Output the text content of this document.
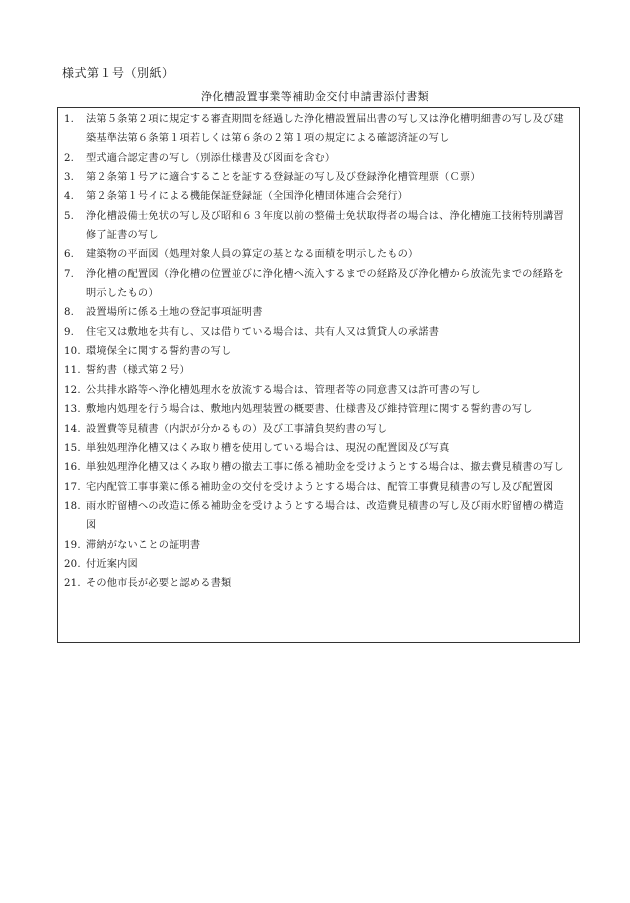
様式第１号（別紙）
浄化槽設置事業等補助金交付申請書添付書類
1.	法第５条第２項に規定する審査期間を経過した浄化槽設置届出書の写し又は浄化槽明細書の写し及び建築基準法第６条第１項若しくは第６条の２第１項の規定による確認済証の写し
2.	型式適合認定書の写し（別添仕様書及び図面を含む）
3.	第２条第１号アに適合することを証する登録証の写し及び登録浄化槽管理票（Ｃ票）
4.	第２条第１号イによる機能保証登録証（全国浄化槽団体連合会発行）
5.	浄化槽設備士免状の写し及び昭和６３年度以前の整備士免状取得者の場合は、浄化槽施工技術特別講習修了証書の写し
6.	建築物の平面図（処理対象人員の算定の基となる面積を明示したもの）
7.	浄化槽の配置図（浄化槽の位置並びに浄化槽へ流入するまでの経路及び浄化槽から放流先までの経路を明示したもの）
8.	設置場所に係る土地の登記事項証明書
9.	住宅又は敷地を共有し、又は借りている場合は、共有人又は賃貸人の承諾書
10. 環境保全に関する誓約書の写し
11. 誓約書（様式第２号）
12. 公共排水路等へ浄化槽処理水を放流する場合は、管理者等の同意書又は許可書の写し
13. 敷地内処理を行う場合は、敷地内処理装置の概要書、仕様書及び維持管理に関する誓約書の写し
14. 設置費等見積書（内訳が分かるもの）及び工事請負契約書の写し
15. 単独処理浄化槽又はくみ取り槽を使用している場合は、現況の配置図及び写真
16. 単独処理浄化槽又はくみ取り槽の撤去工事に係る補助金を受けようとする場合は、撤去費見積書の写し
17. 宅内配管工事事業に係る補助金の交付を受けようとする場合は、配管工事費見積書の写し及び配置図
18. 雨水貯留槽への改造に係る補助金を受けようとする場合は、改造費見積書の写し及び雨水貯留槽の構造図
19. 滞納がないことの証明書
20. 付近案内図
21. その他市長が必要と認める書類
